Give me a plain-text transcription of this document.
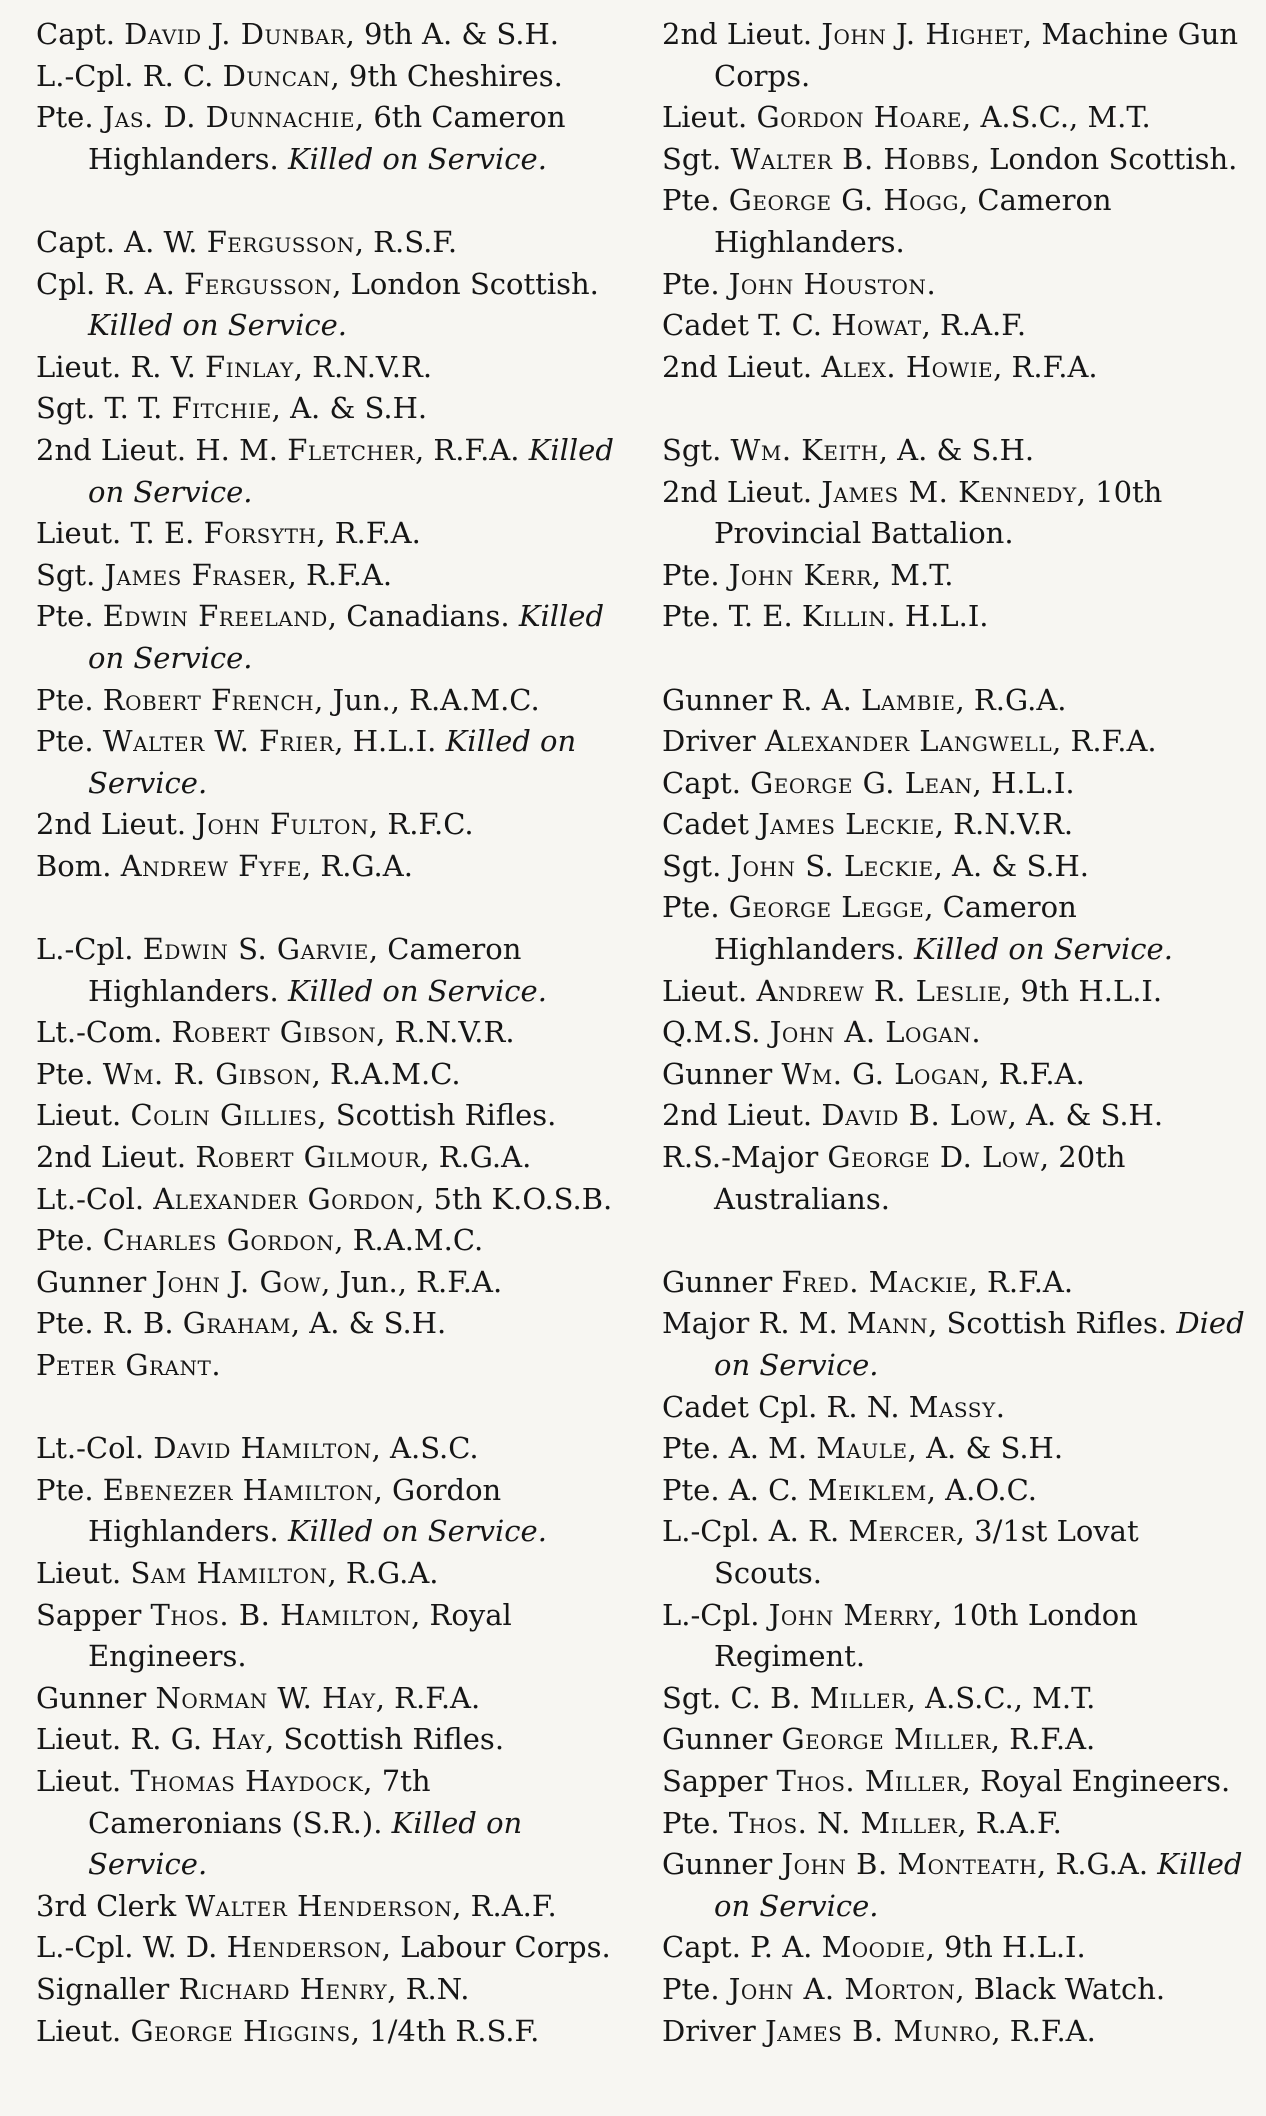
Capt. David J. Dunbar, 9th A. & S.H.
L.-Cpl. R. C. Duncan, 9th Cheshires.
Pte. Jas. D. Dunnachie, 6th Cameron Highlanders. Killed on Service.
Capt. A. W. Fergusson, R.S.F.
Cpl. R. A. Fergusson, London Scottish. Killed on Service.
Lieut. R. V. Finlay, R.N.V.R.
Sgt. T. T. Fitchie, A. & S.H.
2nd Lieut. H. M. Fletcher, R.F.A. Killed on Service.
Lieut. T. E. Forsyth, R.F.A.
Sgt. James Fraser, R.F.A.
Pte. Edwin Freeland, Canadians. Killed on Service.
Pte. Robert French, Jun., R.A.M.C.
Pte. Walter W. Frier, H.L.I. Killed on Service.
2nd Lieut. John Fulton, R.F.C.
Bom. Andrew Fyfe, R.G.A.
L.-Cpl. Edwin S. Garvie, Cameron Highlanders. Killed on Service.
Lt.-Com. Robert Gibson, R.N.V.R.
Pte. Wm. R. Gibson, R.A.M.C.
Lieut. Colin Gillies, Scottish Rifles.
2nd Lieut. Robert Gilmour, R.G.A.
Lt.-Col. Alexander Gordon, 5th K.O.S.B.
Pte. Charles Gordon, R.A.M.C.
Gunner John J. Gow, Jun., R.F.A.
Pte. R. B. Graham, A. & S.H.
Peter Grant.
Lt.-Col. David Hamilton, A.S.C.
Pte. Ebenezer Hamilton, Gordon Highlanders. Killed on Service.
Lieut. Sam Hamilton, R.G.A.
Sapper Thos. B. Hamilton, Royal Engineers.
Gunner Norman W. Hay, R.F.A.
Lieut. R. G. Hay, Scottish Rifles.
Lieut. Thomas Haydock, 7th Cameronians (S.R.). Killed on Service.
3rd Clerk Walter Henderson, R.A.F.
L.-Cpl. W. D. Henderson, Labour Corps.
Signaller Richard Henry, R.N.
Lieut. George Higgins, 1/4th R.S.F.
2nd Lieut. John J. Highet, Machine Gun Corps.
Lieut. Gordon Hoare, A.S.C., M.T.
Sgt. Walter B. Hobbs, London Scottish.
Pte. George G. Hogg, Cameron Highlanders.
Pte. John Houston.
Cadet T. C. Howat, R.A.F.
2nd Lieut. Alex. Howie, R.F.A.
Sgt. Wm. Keith, A. & S.H.
2nd Lieut. James M. Kennedy, 10th Provincial Battalion.
Pte. John Kerr, M.T.
Pte. T. E. Killin. H.L.I.
Gunner R. A. Lambie, R.G.A.
Driver Alexander Langwell, R.F.A.
Capt. George G. Lean, H.L.I.
Cadet James Leckie, R.N.V.R.
Sgt. John S. Leckie, A. & S.H.
Pte. George Legge, Cameron Highlanders. Killed on Service.
Lieut. Andrew R. Leslie, 9th H.L.I.
Q.M.S. John A. Logan.
Gunner Wm. G. Logan, R.F.A.
2nd Lieut. David B. Low, A. & S.H.
R.S.-Major George D. Low, 20th Australians.
Gunner Fred. Mackie, R.F.A.
Major R. M. Mann, Scottish Rifles. Died on Service.
Cadet Cpl. R. N. Massy.
Pte. A. M. Maule, A. & S.H.
Pte. A. C. Meiklem, A.O.C.
L.-Cpl. A. R. Mercer, 3/1st Lovat Scouts.
L.-Cpl. John Merry, 10th London Regiment.
Sgt. C. B. Miller, A.S.C., M.T.
Gunner George Miller, R.F.A.
Sapper Thos. Miller, Royal Engineers.
Pte. Thos. N. Miller, R.A.F.
Gunner John B. Monteath, R.G.A. Killed on Service.
Capt. P. A. Moodie, 9th H.L.I.
Pte. John A. Morton, Black Watch.
Driver James B. Munro, R.F.A.
